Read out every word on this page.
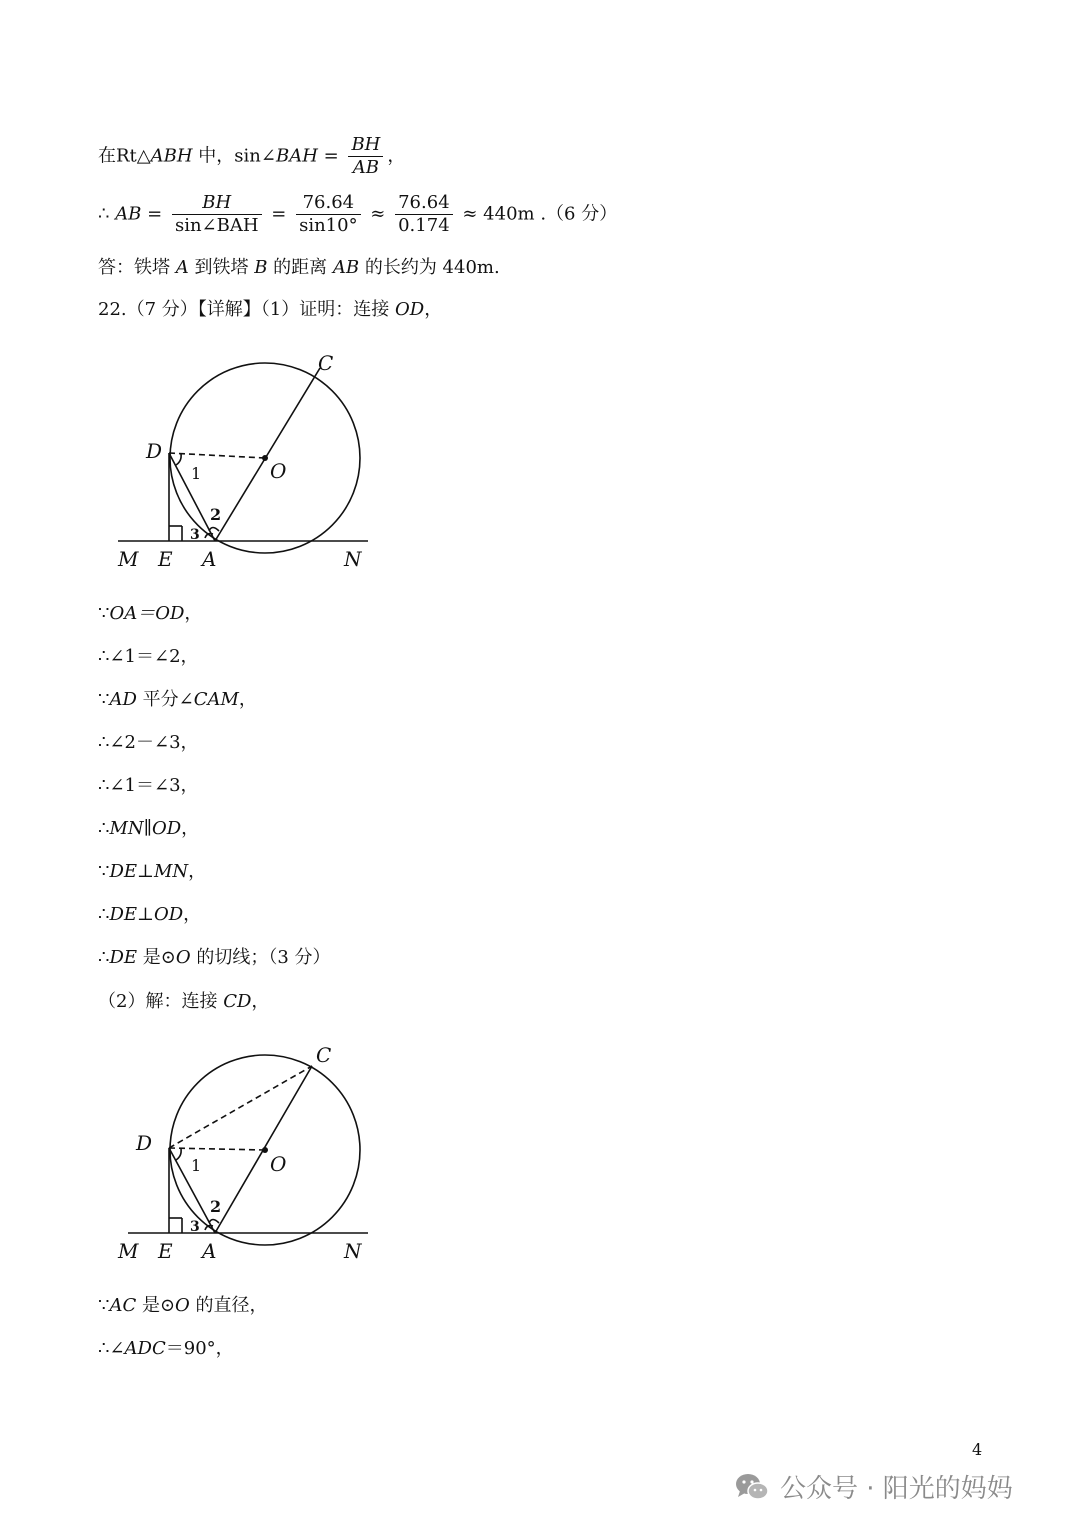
在Rt△ABH 中，sin∠BAH = $\frac{BH}{AB}$ ，
∴ AB = $\frac{BH}{\text{sin∠BAH}} = \frac{76.64}{\sin 10^\circ} \approx \frac{76.64}{0.174} \approx 440m$ .（6 分）
答：铁塔 A 到铁塔 B 的距离 AB 的长约为 440m.
22.（7 分）【详解】（1）证明：连接 OD，
C
D
O
1
2
3
M E A	N
∵OA＝OD，
∴∠1＝∠2，
∵AD 平分∠CAM，
∴∠2－∠3，
∴∠1＝∠3，
∴MN∥OD，
∵DE⊥MN，
∴DE⊥OD，
∴DE 是⊙O 的切线；（3 分）
（2）解：连接 CD，
C
D
O
1
2
3
M E A	N
∵AC 是⊙O 的直径，
∴∠ADC＝90°，
4
公众号 · 阳光的妈妈
